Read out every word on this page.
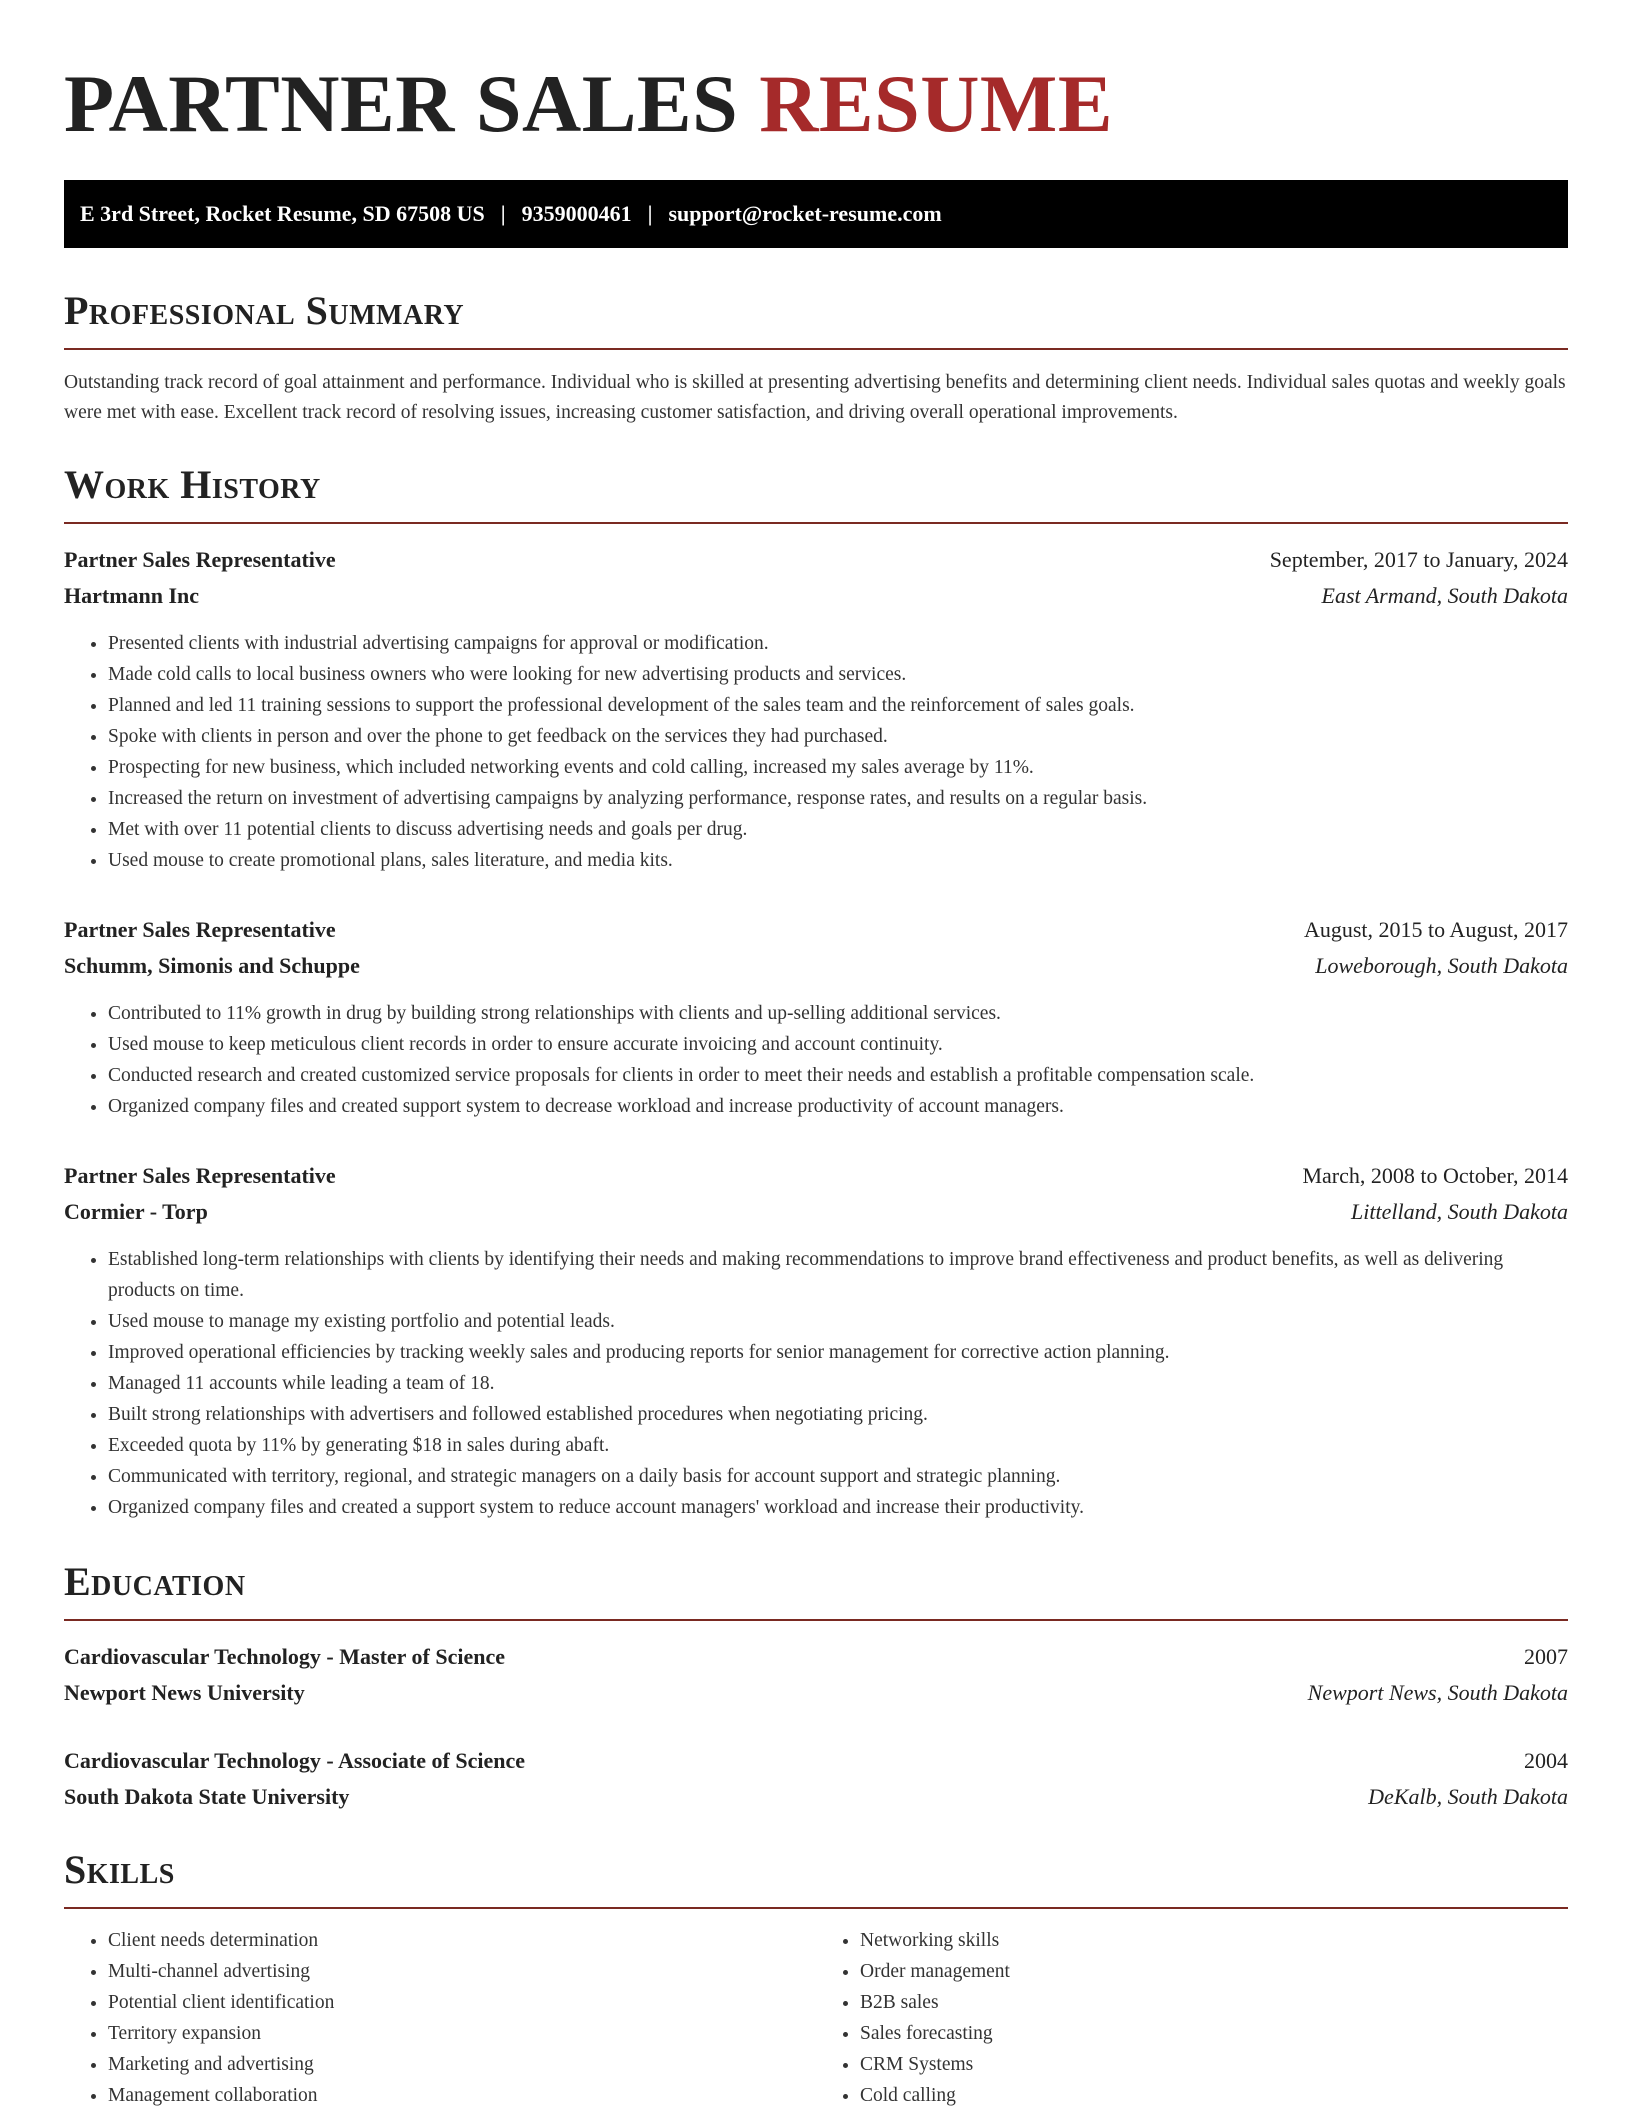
PARTNER SALES RESUME
E 3rd Street, Rocket Resume, SD 67508 US | 9359000461 | support@rocket-resume.com
Professional Summary

Outstanding track record of goal attainment and performance. Individual who is skilled at presenting advertising benefits and determining client needs. Individual sales quotas and weekly goals were met with ease. Excellent track record of resolving issues, increasing customer satisfaction, and driving overall operational improvements.

Work History
Partner Sales Representative	September, 2017 to January, 2024
Hartmann Inc	East Armand, South Dakota
• Presented clients with industrial advertising campaigns for approval or modification.
• Made cold calls to local business owners who were looking for new advertising products and services.
• Planned and led 11 training sessions to support the professional development of the sales team and the reinforcement of sales goals.
• Spoke with clients in person and over the phone to get feedback on the services they had purchased.
• Prospecting for new business, which included networking events and cold calling, increased my sales average by 11%.
• Increased the return on investment of advertising campaigns by analyzing performance, response rates, and results on a regular basis.
• Met with over 11 potential clients to discuss advertising needs and goals per drug.
• Used mouse to create promotional plans, sales literature, and media kits.
Partner Sales Representative	August, 2015 to August, 2017
Schumm, Simonis and Schuppe	Loweborough, South Dakota
• Contributed to 11% growth in drug by building strong relationships with clients and up-selling additional services.
• Used mouse to keep meticulous client records in order to ensure accurate invoicing and account continuity.
• Conducted research and created customized service proposals for clients in order to meet their needs and establish a profitable compensation scale.
• Organized company files and created support system to decrease workload and increase productivity of account managers.
Partner Sales Representative	March, 2008 to October, 2014
Cormier - Torp	Littelland, South Dakota
• Established long-term relationships with clients by identifying their needs and making recommendations to improve brand effectiveness and product benefits, as well as delivering products on time.
• Used mouse to manage my existing portfolio and potential leads.
• Improved operational efficiencies by tracking weekly sales and producing reports for senior management for corrective action planning.
• Managed 11 accounts while leading a team of 18.
• Built strong relationships with advertisers and followed established procedures when negotiating pricing.
• Exceeded quota by 11% by generating $18 in sales during abaft.
• Communicated with territory, regional, and strategic managers on a daily basis for account support and strategic planning.
• Organized company files and created a support system to reduce account managers' workload and increase their productivity.
Education
Cardiovascular Technology - Master of Science	2007
Newport News University	Newport News, South Dakota
Cardiovascular Technology - Associate of Science	2004
South Dakota State University	DeKalb, South Dakota
Skills
• Client needs determination
• Multi-channel advertising
• Potential client identification
• Territory expansion
• Marketing and advertising
• Management collaboration
• Networking skills
• Order management
• B2B sales
• Sales forecasting
• CRM Systems
• Cold calling
